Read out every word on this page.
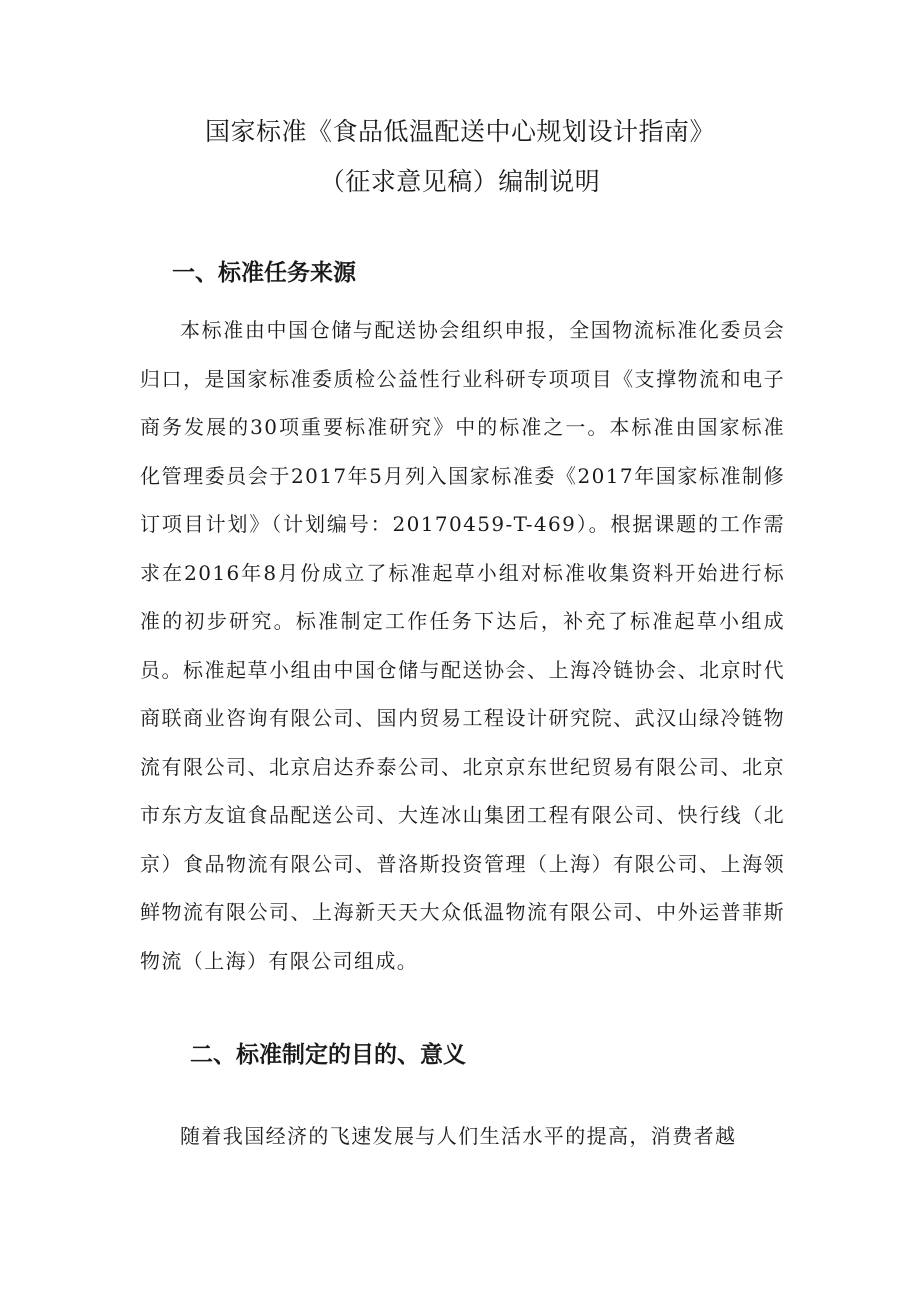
国家标准《食品低温配送中心规划设计指南》
（征求意见稿）编制说明
一、标准任务来源
本标准由中国仓储与配送协会组织申报，全国物流标准化委员会归口，是国家标准委质检公益性行业科研专项项目《支撑物流和电子商务发展的30项重要标准研究》中的标准之一。本标准由国家标准化管理委员会于2017年5月列入国家标准委《2017年国家标准制修订项目计划》（计划编号：20170459-T-469）。根据课题的工作需求在2016年8月份成立了标准起草小组对标准收集资料开始进行标准的初步研究。标准制定工作任务下达后，补充了标准起草小组成员。标准起草小组由中国仓储与配送协会、上海冷链协会、北京时代商联商业咨询有限公司、国内贸易工程设计研究院、武汉山绿冷链物流有限公司、北京启达乔泰公司、北京京东世纪贸易有限公司、北京市东方友谊食品配送公司、大连冰山集团工程有限公司、快行线（北京）食品物流有限公司、普洛斯投资管理（上海）有限公司、上海领鲜物流有限公司、上海新天天大众低温物流有限公司、中外运普菲斯物流（上海）有限公司组成。
二、标准制定的目的、意义
随着我国经济的飞速发展与人们生活水平的提高，消费者越
